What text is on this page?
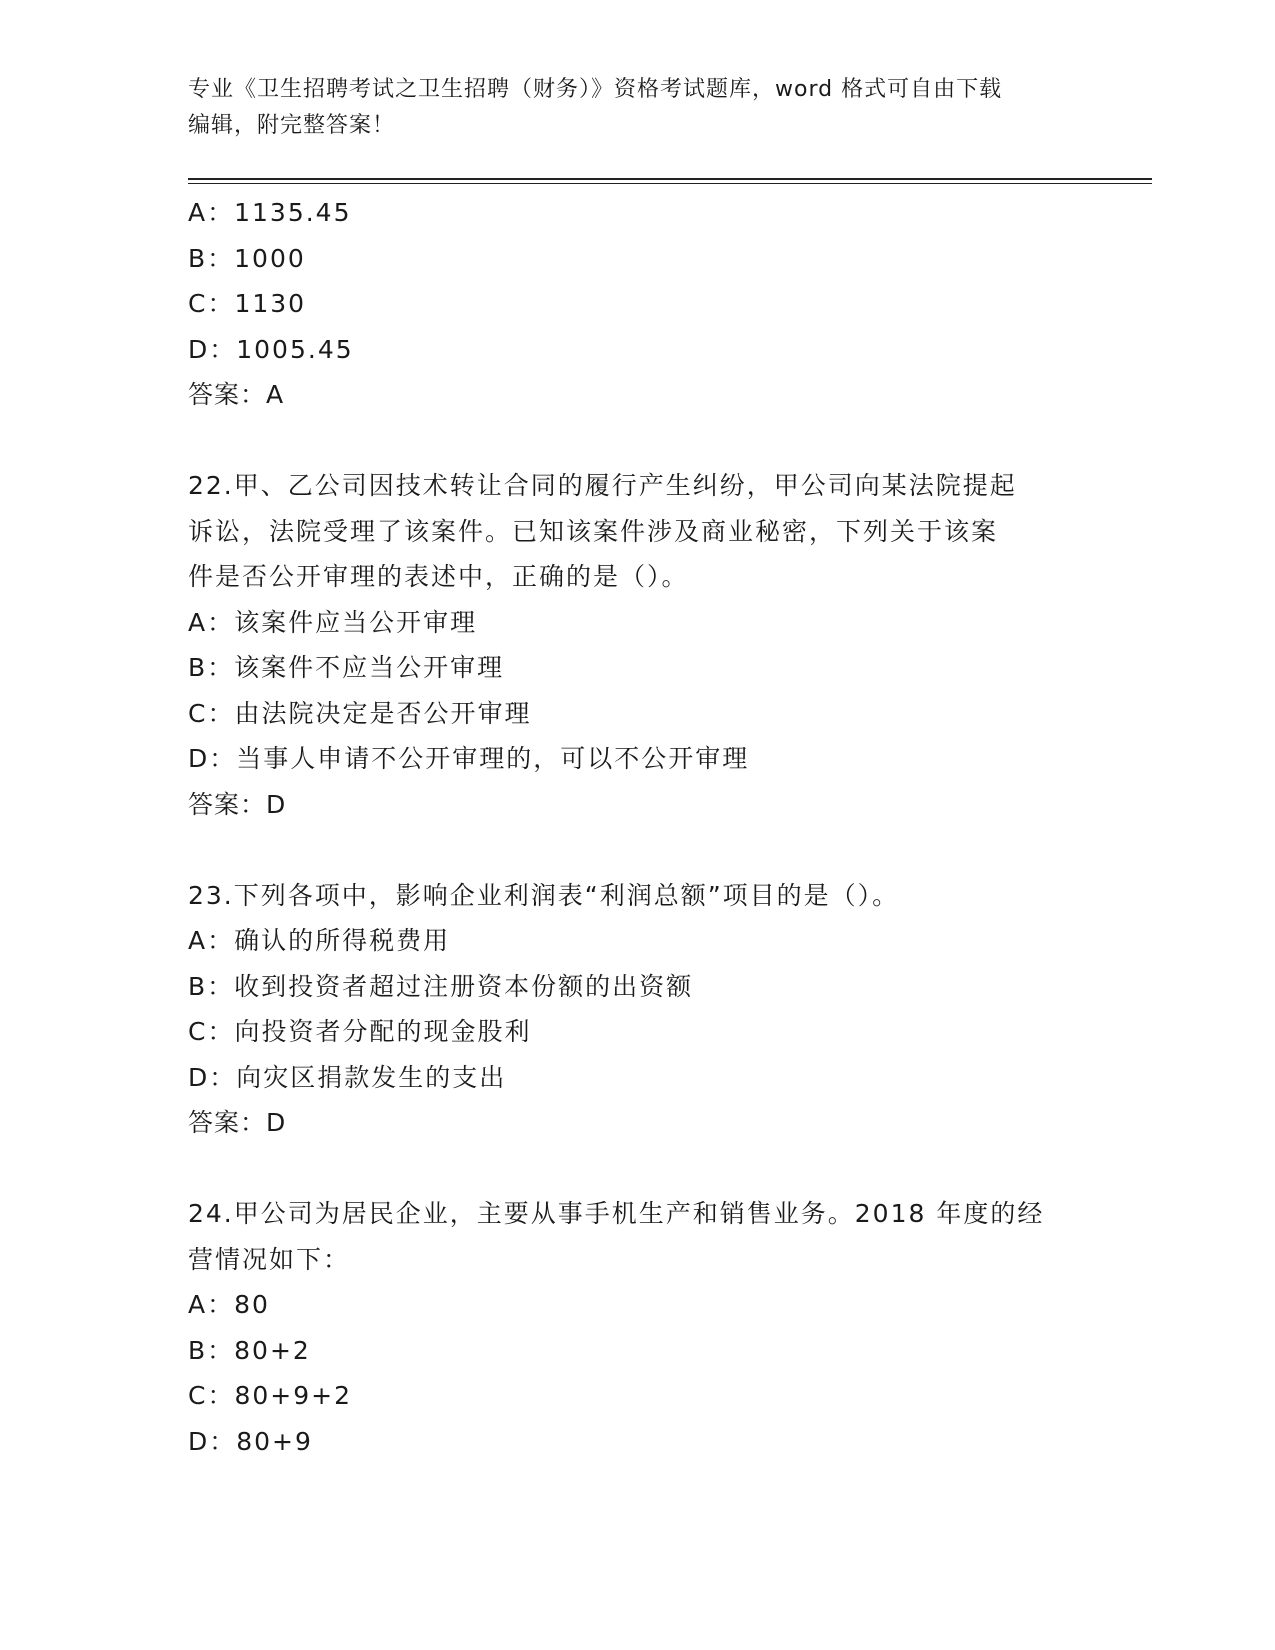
专业《卫生招聘考试之卫生招聘（财务）》资格考试题库，word 格式可自由下载
编辑，附完整答案！
A：1135.45
B：1000
C：1130
D：1005.45
答案：A
22.甲、乙公司因技术转让合同的履行产生纠纷，甲公司向某法院提起
诉讼，法院受理了该案件。已知该案件涉及商业秘密，下列关于该案
件是否公开审理的表述中，正确的是（）。
A：该案件应当公开审理
B：该案件不应当公开审理
C：由法院决定是否公开审理
D：当事人申请不公开审理的，可以不公开审理
答案：D
23.下列各项中，影响企业利润表“利润总额”项目的是（）。
A：确认的所得税费用
B：收到投资者超过注册资本份额的出资额
C：向投资者分配的现金股利
D：向灾区捐款发生的支出
答案：D
24.甲公司为居民企业，主要从事手机生产和销售业务。2018 年度的经
营情况如下：
A：80
B：80+2
C：80+9+2
D：80+9
